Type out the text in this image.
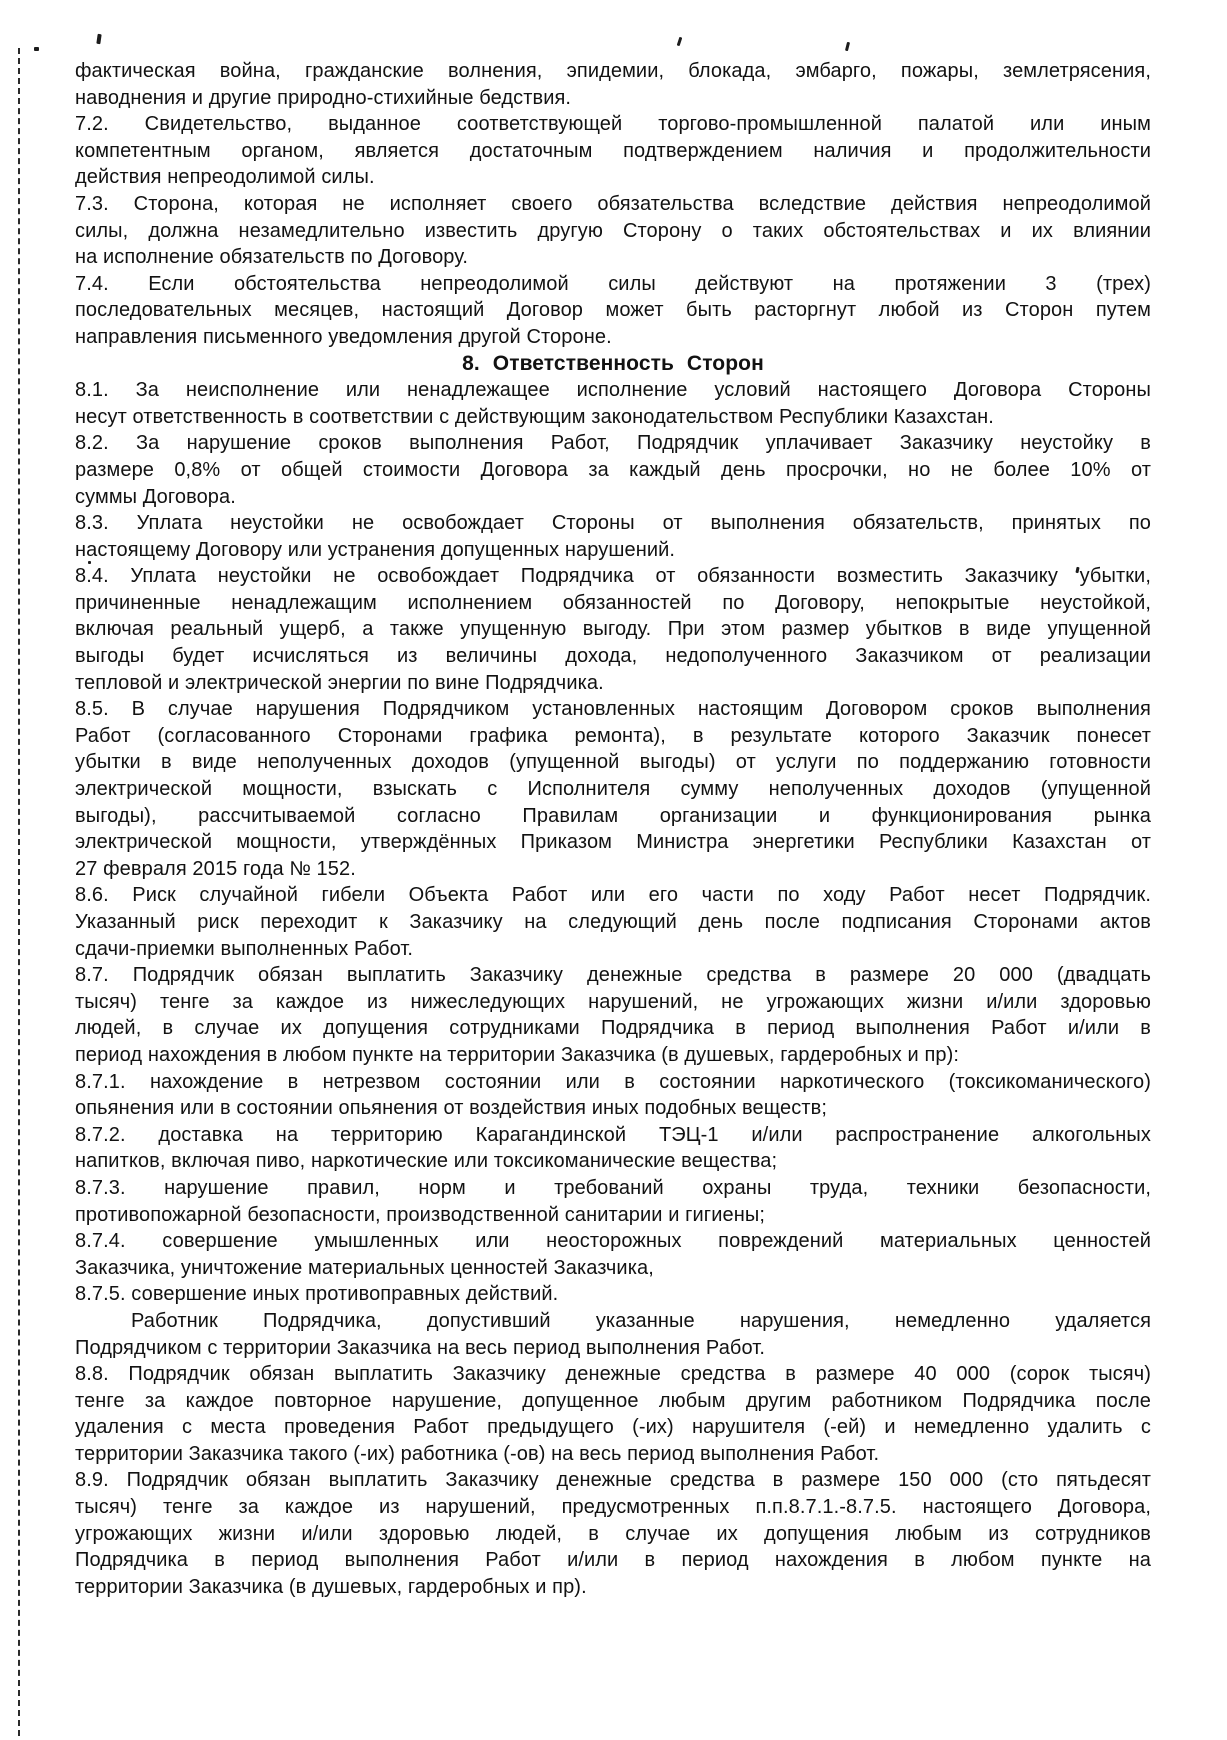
фактическая война, гражданские волнения, эпидемии, блокада, эмбарго, пожары, землетрясения,
наводнения и другие природно-стихийные бедствия.
7.2. Свидетельство, выданное соответствующей торгово-промышленной палатой или иным
компетентным органом, является достаточным подтверждением наличия и продолжительности
действия непреодолимой силы.
7.3. Сторона, которая не исполняет своего обязательства вследствие действия непреодолимой
силы, должна незамедлительно известить другую Сторону о таких обстоятельствах и их влиянии
на исполнение обязательств по Договору.
7.4. Если обстоятельства непреодолимой силы действуют на протяжении 3 (трех)
последовательных месяцев, настоящий Договор может быть расторгнут любой из Сторон путем
направления письменного уведомления другой Стороне.
8. Ответственность Сторон
8.1. За неисполнение или ненадлежащее исполнение условий настоящего Договора Стороны
несут ответственность в соответствии с действующим законодательством Республики Казахстан.
8.2. За нарушение сроков выполнения Работ, Подрядчик уплачивает Заказчику неустойку в
размере 0,8% от общей стоимости Договора за каждый день просрочки, но не более 10% от
суммы Договора.
8.3. Уплата неустойки не освобождает Стороны от выполнения обязательств, принятых по
настоящему Договору или устранения допущенных нарушений.
8.4. Уплата неустойки не освобождает Подрядчика от обязанности возместить Заказчику убытки,
причиненные ненадлежащим исполнением обязанностей по Договору, непокрытые неустойкой,
включая реальный ущерб, а также упущенную выгоду. При этом размер убытков в виде упущенной
выгоды будет исчисляться из величины дохода, недополученного Заказчиком от реализации
тепловой и электрической энергии по вине Подрядчика.
8.5. В случае нарушения Подрядчиком установленных настоящим Договором сроков выполнения
Работ (согласованного Сторонами графика ремонта), в результате которого Заказчик понесет
убытки в виде неполученных доходов (упущенной выгоды) от услуги по поддержанию готовности
электрической мощности, взыскать с Исполнителя сумму неполученных доходов (упущенной
выгоды), рассчитываемой согласно Правилам организации и функционирования рынка
электрической мощности, утверждённых Приказом Министра энергетики Республики Казахстан от
27 февраля 2015 года № 152.
8.6. Риск случайной гибели Объекта Работ или его части по ходу Работ несет Подрядчик.
Указанный риск переходит к Заказчику на следующий день после подписания Сторонами актов
сдачи-приемки выполненных Работ.
8.7. Подрядчик обязан выплатить Заказчику денежные средства в размере 20 000 (двадцать
тысяч) тенге за каждое из нижеследующих нарушений, не угрожающих жизни и/или здоровью
людей, в случае их допущения сотрудниками Подрядчика в период выполнения Работ и/или в
период нахождения в любом пункте на территории Заказчика (в душевых, гардеробных и пр):
8.7.1. нахождение в нетрезвом состоянии или в состоянии наркотического (токсикоманического)
опьянения или в состоянии опьянения от воздействия иных подобных веществ;
8.7.2. доставка на территорию Карагандинской ТЭЦ-1 и/или распространение алкогольных
напитков, включая пиво, наркотические или токсикоманические вещества;
8.7.3. нарушение правил, норм и требований охраны труда, техники безопасности,
противопожарной безопасности, производственной санитарии и гигиены;
8.7.4. совершение умышленных или неосторожных повреждений материальных ценностей
Заказчика, уничтожение материальных ценностей Заказчика,
8.7.5. совершение иных противоправных действий.
Работник Подрядчика, допустивший указанные нарушения, немедленно удаляется
Подрядчиком с территории Заказчика на весь период выполнения Работ.
8.8. Подрядчик обязан выплатить Заказчику денежные средства в размере 40 000 (сорок тысяч)
тенге за каждое повторное нарушение, допущенное любым другим работником Подрядчика после
удаления с места проведения Работ предыдущего (-их) нарушителя (-ей) и немедленно удалить с
территории Заказчика такого (-их) работника (-ов) на весь период выполнения Работ.
8.9. Подрядчик обязан выплатить Заказчику денежные средства в размере 150 000 (сто пятьдесят
тысяч) тенге за каждое из нарушений, предусмотренных п.п.8.7.1.-8.7.5. настоящего Договора,
угрожающих жизни и/или здоровью людей, в случае их допущения любым из сотрудников
Подрядчика в период выполнения Работ и/или в период нахождения в любом пункте на
территории Заказчика (в душевых, гардеробных и пр).
